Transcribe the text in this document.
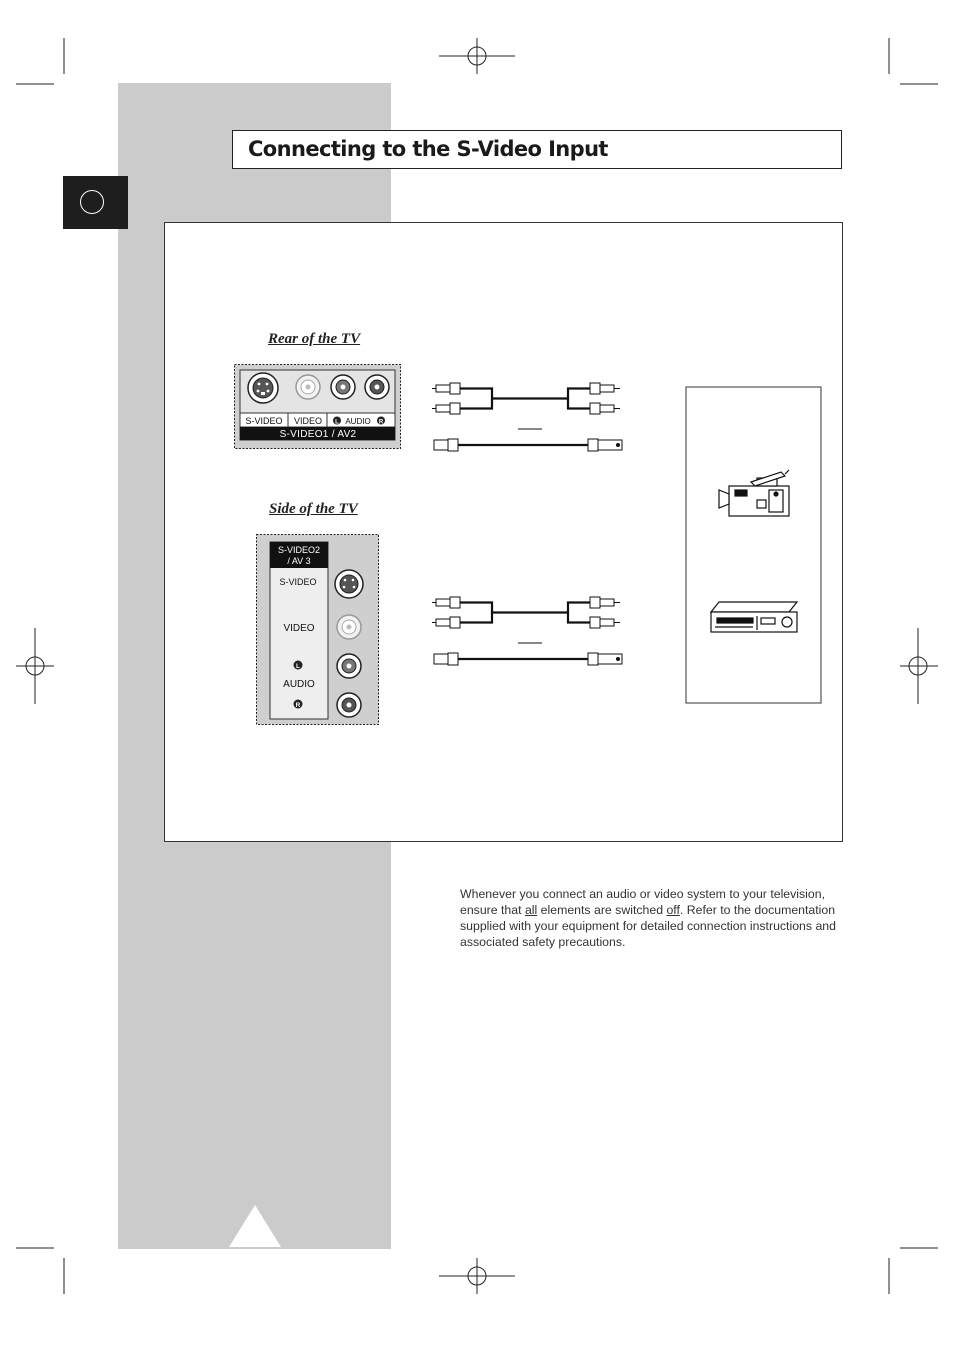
Connecting to the S-Video Input
Rear of the TV
Side of the TV
S-VIDEO VIDEO L AUDIO R
S-VIDEO1 / AV2
S-VIDEO2
/ AV 3
S-VIDEO
VIDEO
L
AUDIO
R
Whenever you connect an audio or video system to your television, ensure that all elements are switched off. Refer to the documentation supplied with your equipment for detailed connection instructions and associated safety precautions.
